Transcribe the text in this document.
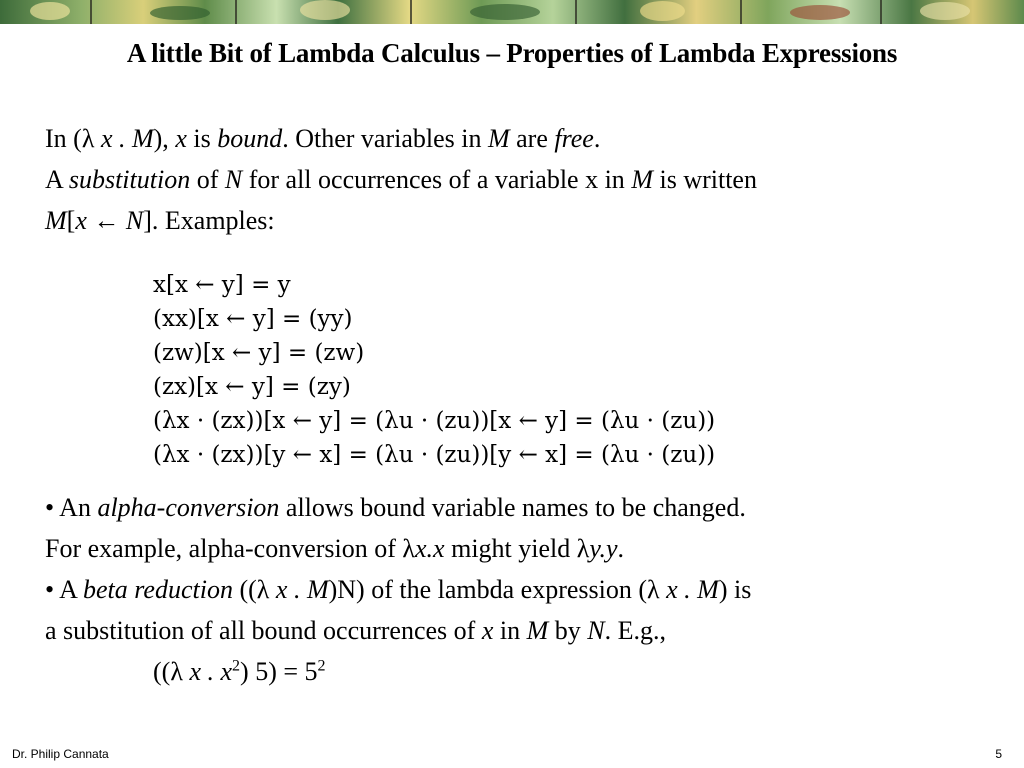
A little Bit of Lambda Calculus – Properties of Lambda Expressions
In (λ x . M), x is bound. Other variables in M are free.
A substitution of N for all occurrences of a variable x in M is written
M[x ← N]. Examples:
x[x ← y] = y
(xx)[x ← y] = (yy)
(zw)[x ← y] = (zw)
(zx)[x ← y] = (zy)
(λx · (zx))[x ← y] = (λu · (zu))[x ← y] = (λu · (zu))
(λx · (zx))[y ← x] = (λu · (zu))[y ← x] = (λu · (zu))
• An alpha-conversion allows bound variable names to be changed.
For example, alpha-conversion of λx.x might yield λy.y.
• A beta reduction ((λ x . M)N) of the lambda expression (λ x . M) is
a substitution of all bound occurrences of x in M by N. E.g.,
((λ x . $x^2$) $5) = 5^2$
Dr. Philip Cannata	5
